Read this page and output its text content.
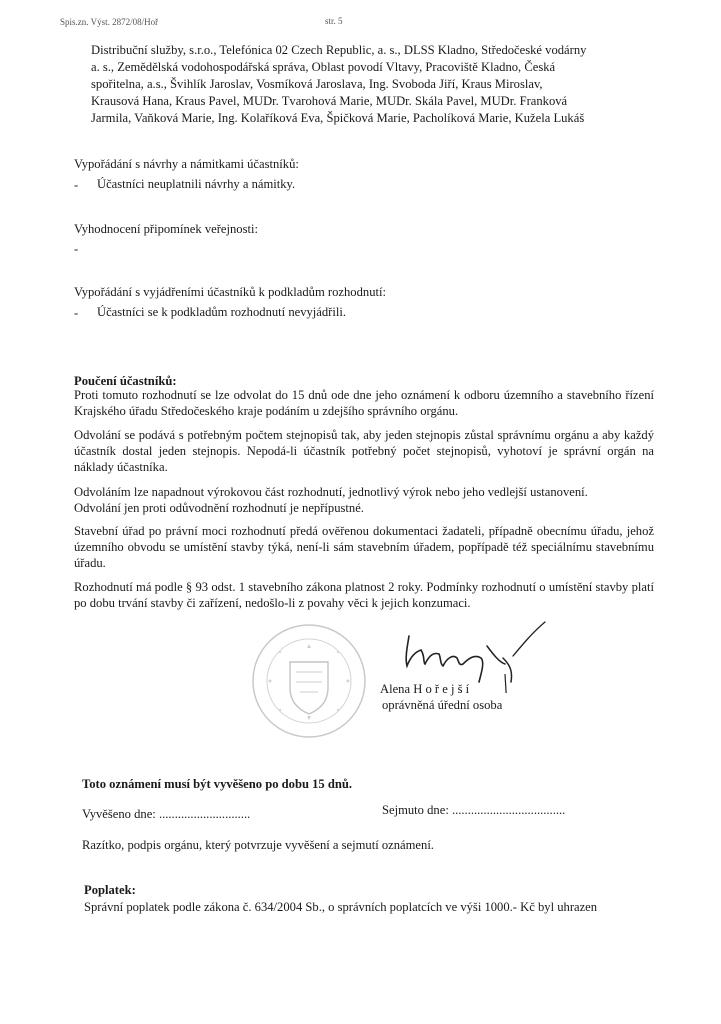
Spis.zn. Výst. 2872/08/Hoř	str. 5
Distribuční služby, s.r.o., Telefónica 02 Czech Republic, a. s., DLSS Kladno, Středočeské vodárny
a. s., Zemědělská vodohospodářská správa, Oblast povodí Vltavy, Pracoviště Kladno, Česká
spořitelna, a.s., Švihlík Jaroslav, Vosmíková Jaroslava, Ing. Svoboda Jiří, Kraus Miroslav,
Krausová Hana, Kraus Pavel, MUDr. Tvarohová Marie, MUDr. Skála Pavel, MUDr. Franková
Jarmila, Vaňková Marie, Ing. Kolaříková Eva, Špičková Marie, Pacholíková Marie, Kužela Lukáš
Vypořádání s návrhy a námitkami účastníků:
- Účastníci neuplatnili návrhy a námitky.
Vyhodnocení připomínek veřejnosti:
-
Vypořádání s vyjádřeními účastníků k podkladům rozhodnutí:
- Účastníci se k podkladům rozhodnutí nevyjádřili.
Poučení účastníků:
Proti tomuto rozhodnutí se lze odvolat do 15 dnů ode dne jeho oznámení k odboru územního a stavebního řízení Krajského úřadu Středočeského kraje podáním u zdejšího správního orgánu.
Odvolání se podává s potřebným počtem stejnopisů tak, aby jeden stejnopis zůstal správnímu orgánu a aby každý účastník dostal jeden stejnopis. Nepodá-li účastník potřebný počet stejnopisů, vyhotoví je správní orgán na náklady účastníka.
Odvoláním lze napadnout výrokovou část rozhodnutí, jednotlivý výrok nebo jeho vedlejší ustanovení.
Odvolání jen proti odůvodnění rozhodnutí je nepřípustné.
Stavební úřad po právní moci rozhodnutí předá ověřenou dokumentaci žadateli, případně obecnímu úřadu, jehož územního obvodu se umístění stavby týká, není-li sám stavebním úřadem, popřípadě též speciálnímu stavebnímu úřadu.
Rozhodnutí má podle § 93 odst. 1 stavebního zákona platnost 2 roky. Podmínky rozhodnutí o umístění stavby platí po dobu trvání stavby či zařízení, nedošlo-li z povahy věci k jejich konzumaci.
Alena H o ř e j š í
oprávněná úřední osoba
Toto oznámení musí být vyvěšeno po dobu 15 dnů.
Vyvěšeno dne: .............................	Sejmuto dne: ....................................
Razítko, podpis orgánu, který potvrzuje vyvěšení a sejmutí oznámení.
Poplatek:
Správní poplatek podle zákona č. 634/2004 Sb., o správních poplatcích ve výši 1000.- Kč byl uhrazen
